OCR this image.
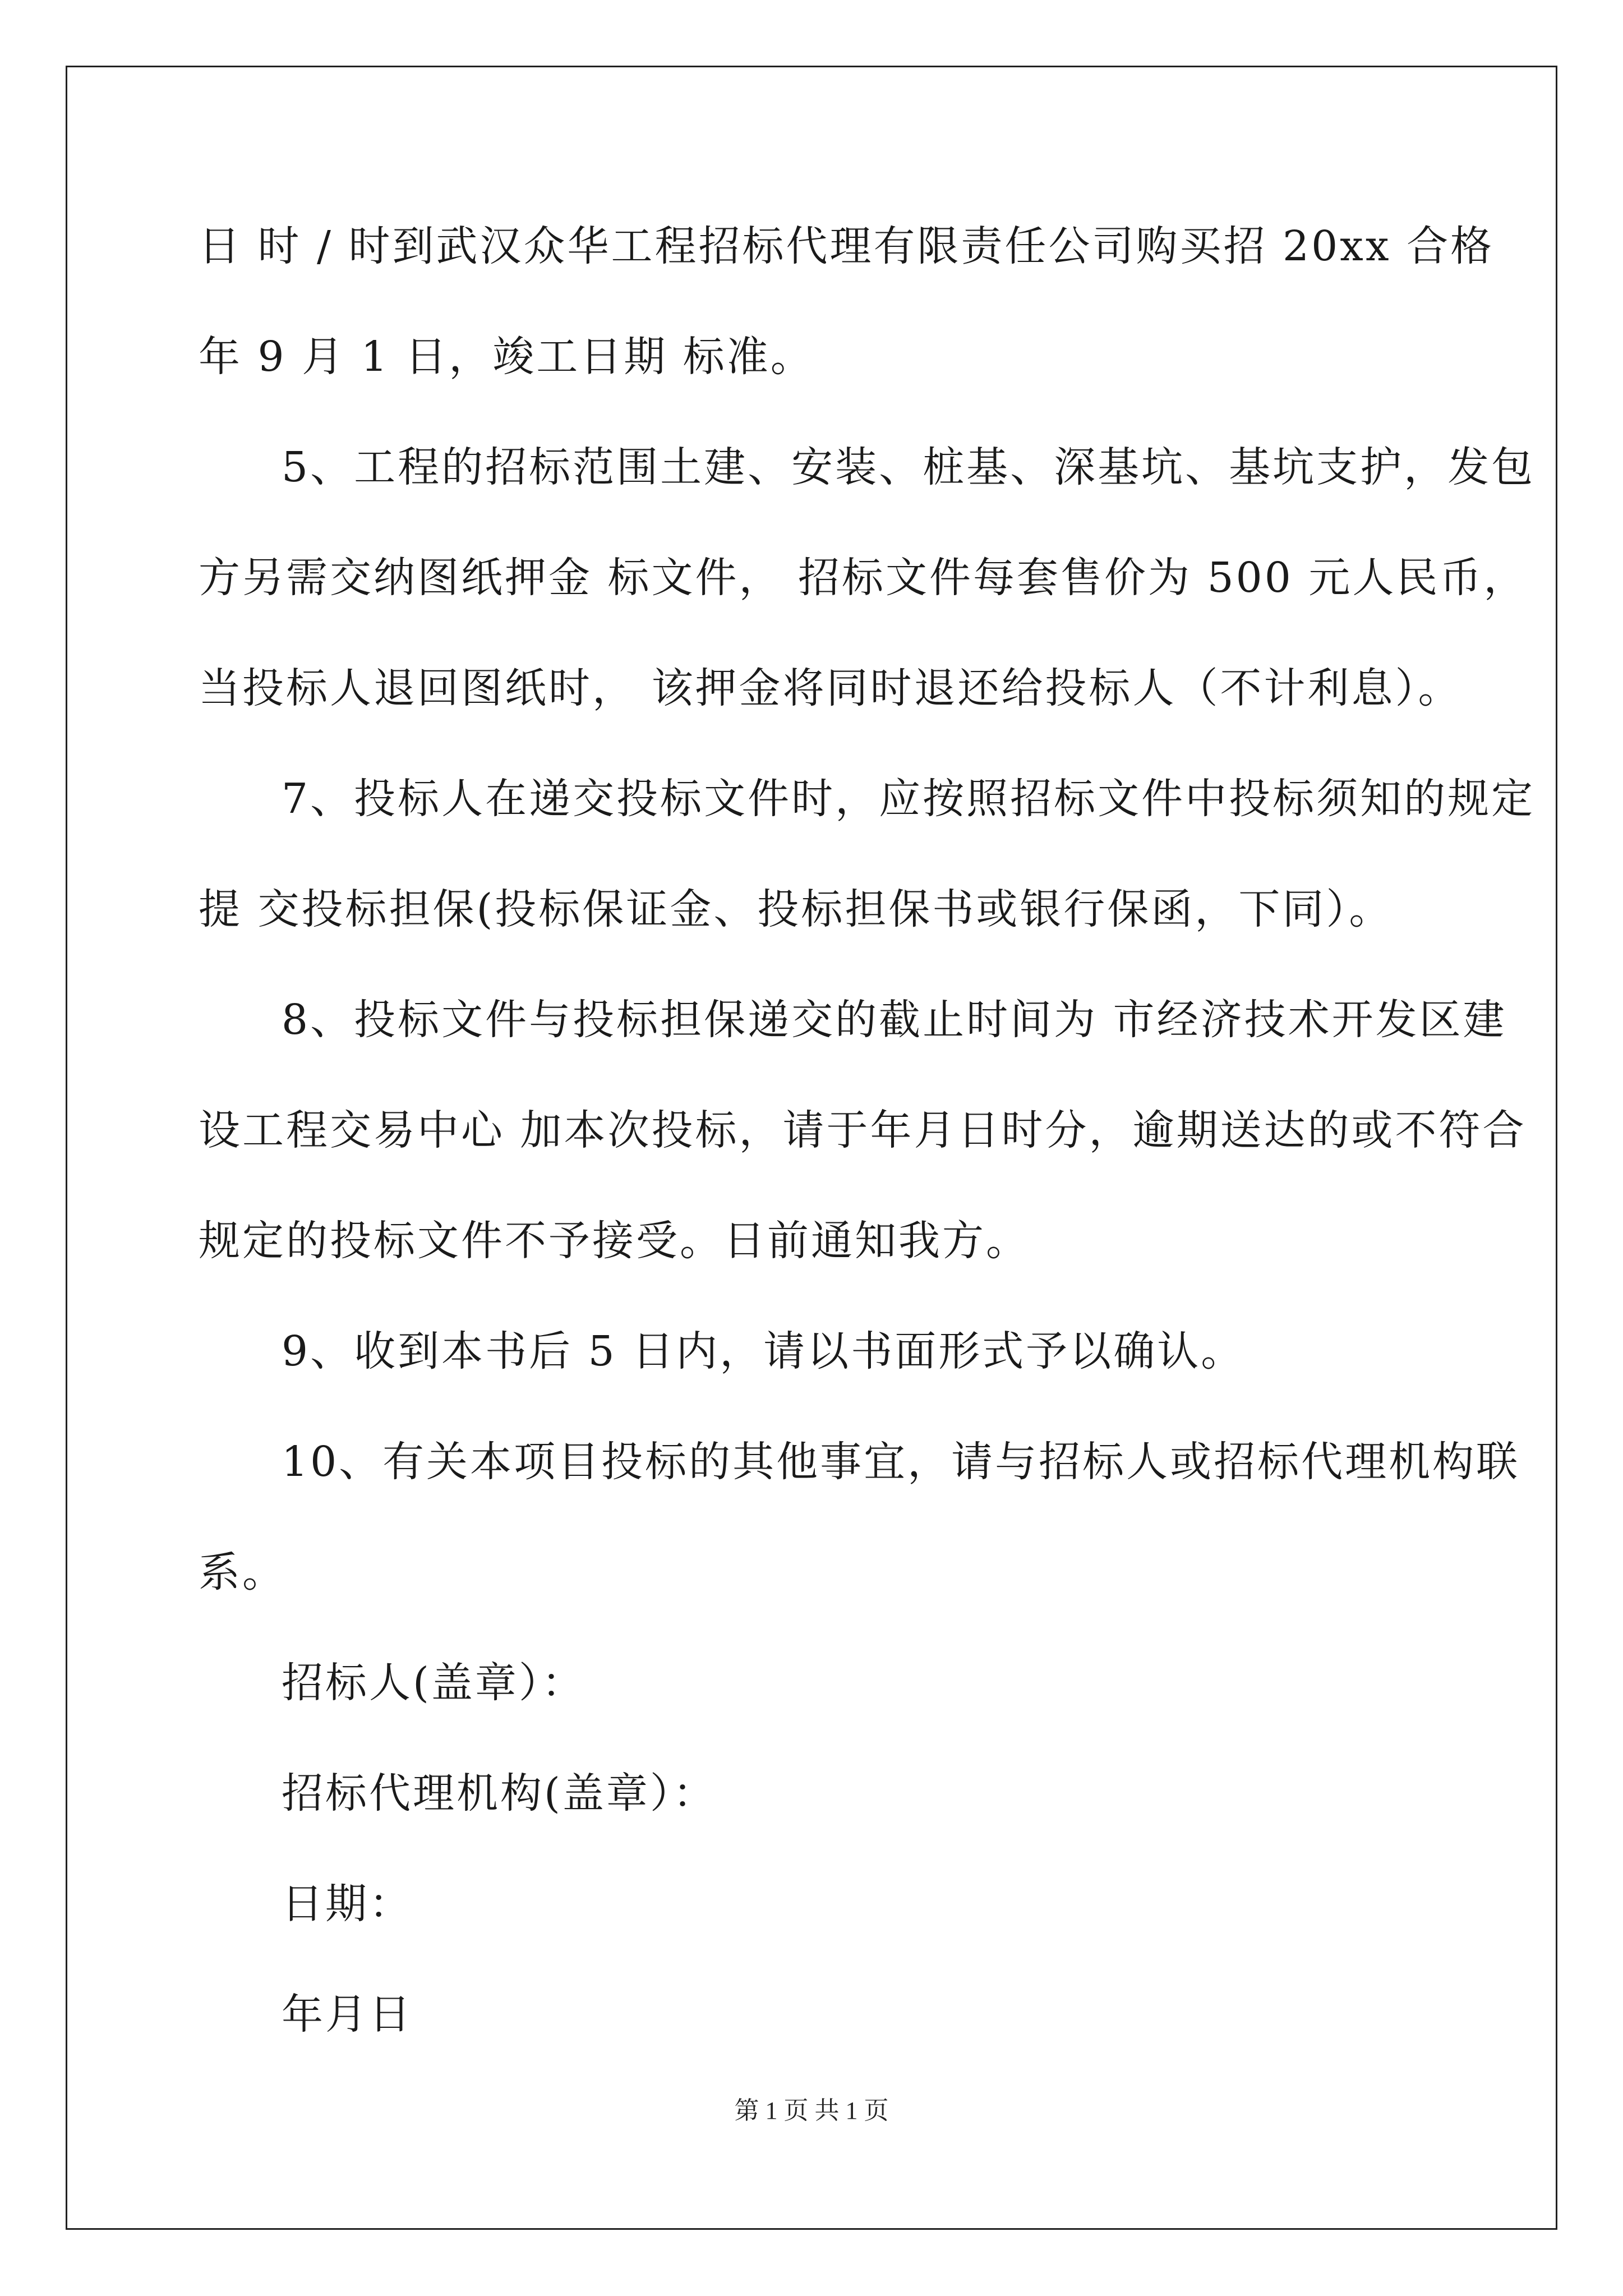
日 时 / 时到武汉众华工程招标代理有限责任公司购买招 20xx 合格
年 9 月 1 日，竣工日期 标准。
5、工程的招标范围土建、安装、桩基、深基坑、基坑支护，发包
方另需交纳图纸押金 标文件， 招标文件每套售价为 500 元人民币，
当投标人退回图纸时， 该押金将同时退还给投标人（不计利息）。
7、投标人在递交投标文件时，应按照招标文件中投标须知的规定
提 交投标担保(投标保证金、投标担保书或银行保函，下同）。
8、投标文件与投标担保递交的截止时间为 市经济技术开发区建
设工程交易中心 加本次投标，请于年月日时分，逾期送达的或不符合
规定的投标文件不予接受。日前通知我方。
9、收到本书后 5 日内，请以书面形式予以确认。
10、有关本项目投标的其他事宜，请与招标人或招标代理机构联
系。
招标人(盖章）：
招标代理机构(盖章）：
日期：
年月日
第 1 页 共 1 页
